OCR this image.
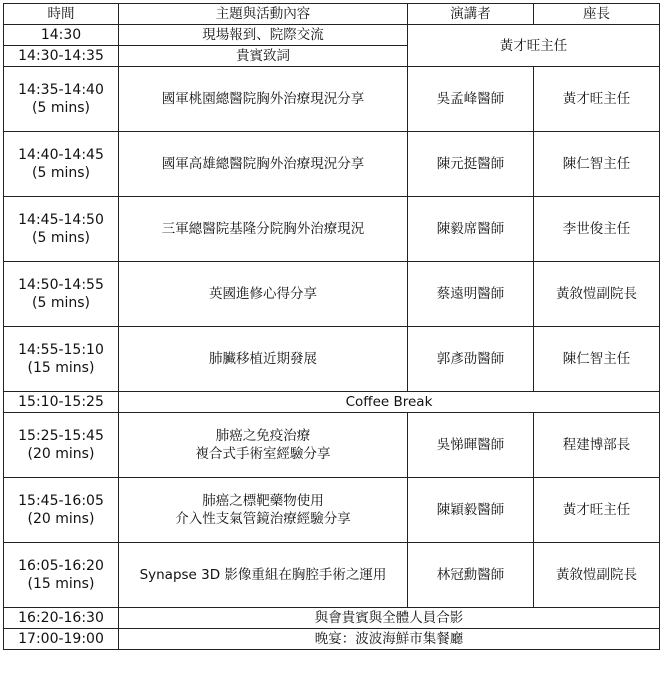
時間	主題與活動內容	演講者	座長
14:30	現場報到、院際交流	黃才旺主任	
14:30-14:35	貴賓致詞		

14:35-14:40
(5 mins)	國軍桃園總醫院胸外治療現況分享	吳孟峰醫師	黃才旺主任

14:40-14:45
(5 mins)	國軍高雄總醫院胸外治療現況分享	陳元挺醫師	陳仁智主任

14:45-14:50
(5 mins)	三軍總醫院基隆分院胸外治療現況	陳毅席醫師	李世俊主任

14:50-14:55
(5 mins)	英國進修心得分享	蔡遠明醫師	黃敘愷副院長

14:55-15:10
(15 mins)	肺臟移植近期發展	郭彥劭醫師	陳仁智主任
15:10-15:25	Coffee Break		

15:25-15:45
(20 mins)	肺癌之免疫治療
複合式手術室經驗分享	吳悌暉醫師	程建博部長

15:45-16:05
(20 mins)	肺癌之標靶藥物使用
介入性支氣管鏡治療經驗分享	陳穎毅醫師	黃才旺主任

16:05-16:20
(15 mins)	Synapse 3D 影像重組在胸腔手術之運用	林冠勳醫師	黃敘愷副院長
16:20-16:30	與會貴賓與全體人員合影		
17:00-19:00	晚宴：波波海鮮市集餐廳		
